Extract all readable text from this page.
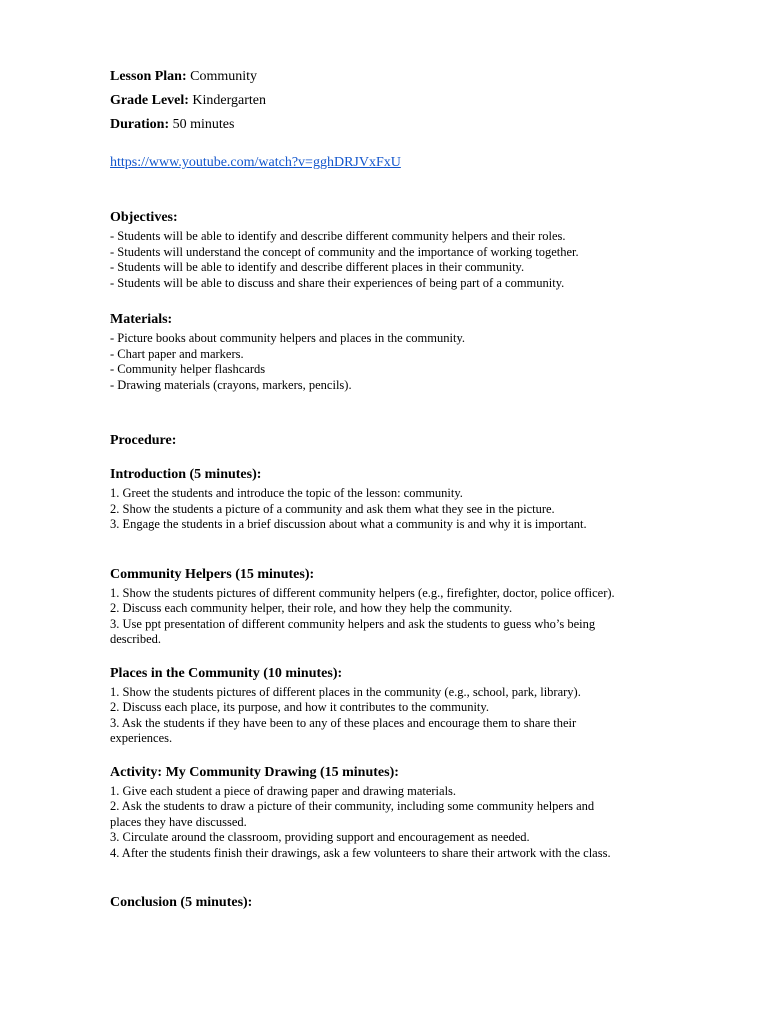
Lesson Plan: Community
Grade Level: Kindergarten
Duration: 50 minutes
https://www.youtube.com/watch?v=gghDRJVxFxU
Objectives:
- Students will be able to identify and describe different community helpers and their roles.
- Students will understand the concept of community and the importance of working together.
- Students will be able to identify and describe different places in their community.
- Students will be able to discuss and share their experiences of being part of a community.
Materials:
- Picture books about community helpers and places in the community.
- Chart paper and markers.
- Community helper flashcards
- Drawing materials (crayons, markers, pencils).
Procedure:
Introduction (5 minutes):
1. Greet the students and introduce the topic of the lesson: community.
2. Show the students a picture of a community and ask them what they see in the picture.
3. Engage the students in a brief discussion about what a community is and why it is important.
Community Helpers (15 minutes):
1. Show the students pictures of different community helpers (e.g., firefighter, doctor, police officer).
2. Discuss each community helper, their role, and how they help the community.
3. Use ppt presentation of different community helpers and ask the students to guess who’s being
described.
Places in the Community (10 minutes):
1. Show the students pictures of different places in the community (e.g., school, park, library).
2. Discuss each place, its purpose, and how it contributes to the community.
3. Ask the students if they have been to any of these places and encourage them to share their
experiences.
Activity: My Community Drawing (15 minutes):
1. Give each student a piece of drawing paper and drawing materials.
2. Ask the students to draw a picture of their community, including some community helpers and
places they have discussed.
3. Circulate around the classroom, providing support and encouragement as needed.
4. After the students finish their drawings, ask a few volunteers to share their artwork with the class.
Conclusion (5 minutes):
